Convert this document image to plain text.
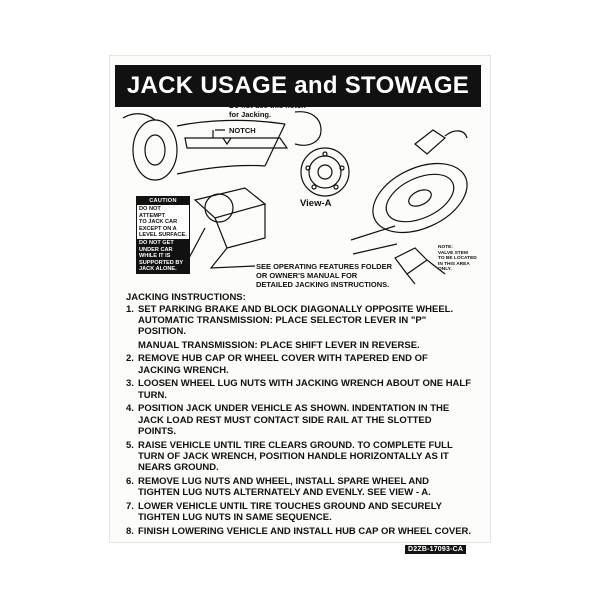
JACK USAGE and STOWAGE
Do not use this notch
for Jacking.
NOTCH
CAUTION
DO NOT ATTEMPT
TO JACK CAR
EXCEPT ON A
LEVEL SURFACE.
DO NOT GET
UNDER CAR
WHILE IT IS
SUPPORTED BY
JACK ALONE.
View-A
NOTE:
VALVE STEM
TO BE LOCATED
IN THIS AREA
ONLY.
SEE OPERATING FEATURES FOLDER
OR OWNER'S MANUAL FOR
DETAILED JACKING INSTRUCTIONS.
JACKING INSTRUCTIONS:
1. SET PARKING BRAKE AND BLOCK DIAGONALLY OPPOSITE WHEEL. AUTOMATIC TRANSMISSION: PLACE SELECTOR LEVER IN "P" POSITION.
MANUAL TRANSMISSION: PLACE SHIFT LEVER IN REVERSE.
2. REMOVE HUB CAP OR WHEEL COVER WITH TAPERED END OF JACKING WRENCH.
3. LOOSEN WHEEL LUG NUTS WITH JACKING WRENCH ABOUT ONE HALF TURN.
4. POSITION JACK UNDER VEHICLE AS SHOWN. INDENTATION IN THE JACK LOAD REST MUST CONTACT SIDE RAIL AT THE SLOTTED POINTS.
5. RAISE VEHICLE UNTIL TIRE CLEARS GROUND. TO COMPLETE FULL TURN OF JACK WRENCH, POSITION HANDLE HORIZONTALLY AS IT NEARS GROUND.
6. REMOVE LUG NUTS AND WHEEL, INSTALL SPARE WHEEL AND TIGHTEN LUG NUTS ALTERNATELY AND EVENLY. SEE VIEW - A.
7. LOWER VEHICLE UNTIL TIRE TOUCHES GROUND AND SECURELY TIGHTEN LUG NUTS IN SAME SEQUENCE.
8. FINISH LOWERING VEHICLE AND INSTALL HUB CAP OR WHEEL COVER.
D2ZB-17093-CA
